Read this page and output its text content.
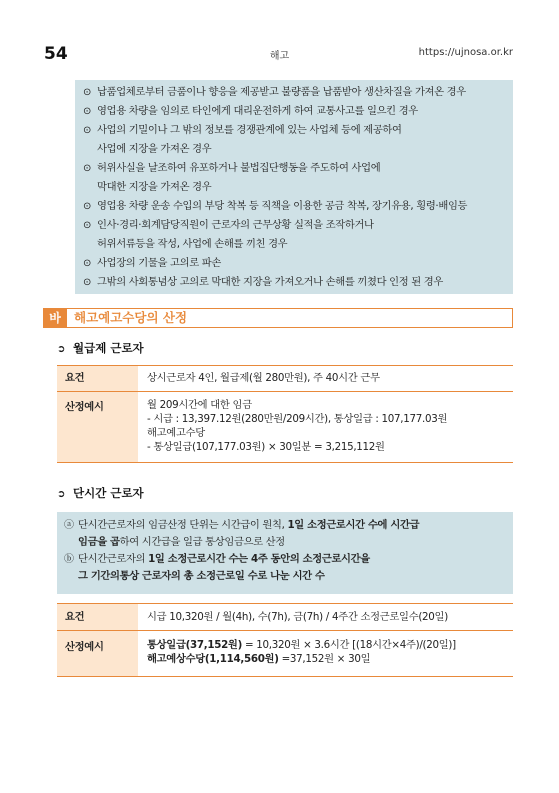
54	해고	https://ujnosa.or.kr
⊙ 납품업체로부터 금품이나 향응을 제공받고 불량품을 납품받아 생산차질을 가져온 경우
⊙ 영업용 차량을 임의로 타인에게 대리운전하게 하여 교통사고를 일으킨 경우
⊙ 사업의 기밀이나 그 밖의 정보를 경쟁관계에 있는 사업체 등에 제공하여
사업에 지장을 가져온 경우
⊙ 허위사실을 날조하여 유포하거나 불법집단행동을 주도하여 사업에
막대한 지장을 가져온 경우
⊙ 영업용 차량 운송 수입의 부당 착복 등 직책을 이용한 공금 착복, 장기유용, 횡령·배임등
⊙ 인사·경리·회계담당직원이 근로자의 근무상황 실적을 조작하거나
허위서류등을 작성, 사업에 손해를 끼친 경우
⊙ 사업장의 기물을 고의로 파손
⊙ 그밖의 사회통념상 고의로 막대한 지장을 가져오거나 손해를 끼쳤다 인정 된 경우
바	해고예고수당의 산정
➲ 월급제 근로자
요건	상시근로자 4인, 월급제(월 280만원), 주 40시간 근무
산정예시	월 209시간에 대한 임금
- 시급 : 13,397.12원(280만원/209시간), 통상일급 : 107,177.03원
해고예고수당
- 통상일급(107,177.03원) × 30일분 = 3,215,112원
➲ 단시간 근로자
ⓐ 단시간근로자의 임금산정 단위는 시간급이 원칙, 1일 소정근로시간 수에 시간급
임금을 곱하여 시간급을 일급 통상임금으로 산정
ⓑ 단시간근로자의 1일 소정근로시간 수는 4주 동안의 소정근로시간을
그 기간의통상 근로자의 총 소정근로일 수로 나눈 시간 수
요건	시급 10,320원 / 월(4h), 수(7h), 금(7h) / 4주간 소정근로일수(20일)
산정예시	통상일급(37,152원) = 10,320원 × 3.6시간 [(18시간×4주)/(20일)]
해고예상수당(1,114,560원) =37,152원 × 30일
